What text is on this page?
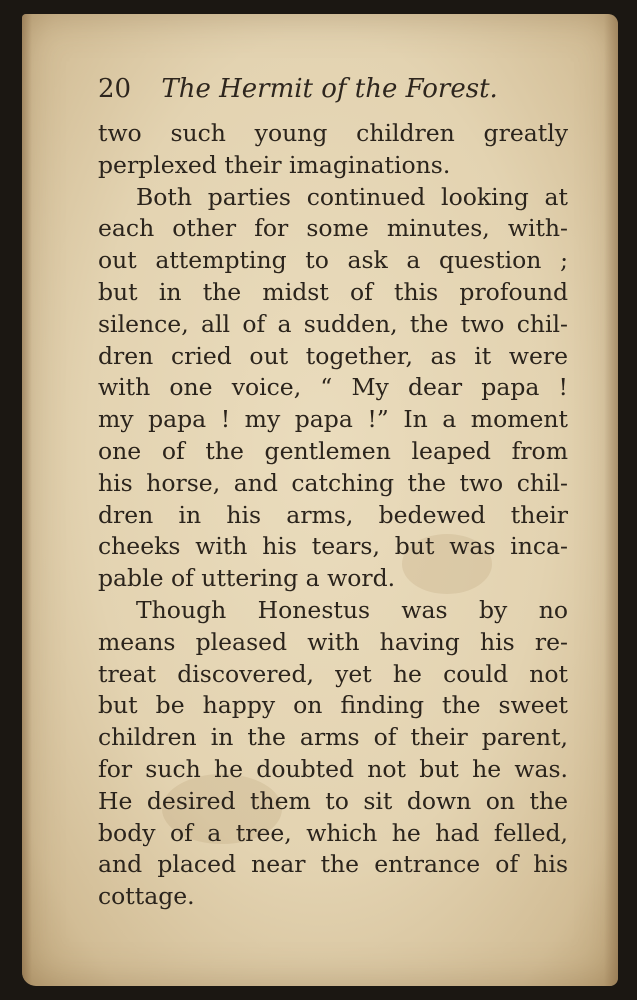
20 The Hermit of the Forest.
two such young children greatly
perplexed their imaginations.
Both parties continued looking at
each other for some minutes, with-
out attempting to ask a question ;
but in the midst of this profound
silence, all of a sudden, the two chil-
dren cried out together, as it were
with one voice, “ My dear papa !
my papa ! my papa !” In a moment
one of the gentlemen leaped from
his horse, and catching the two chil-
dren in his arms, bedewed their
cheeks with his tears, but was inca-
pable of uttering a word.
Though Honestus was by no
means pleased with having his re-
treat discovered, yet he could not
but be happy on finding the sweet
children in the arms of their parent,
for such he doubted not but he was.
He desired them to sit down on the
body of a tree, which he had felled,
and placed near the entrance of his
cottage.
